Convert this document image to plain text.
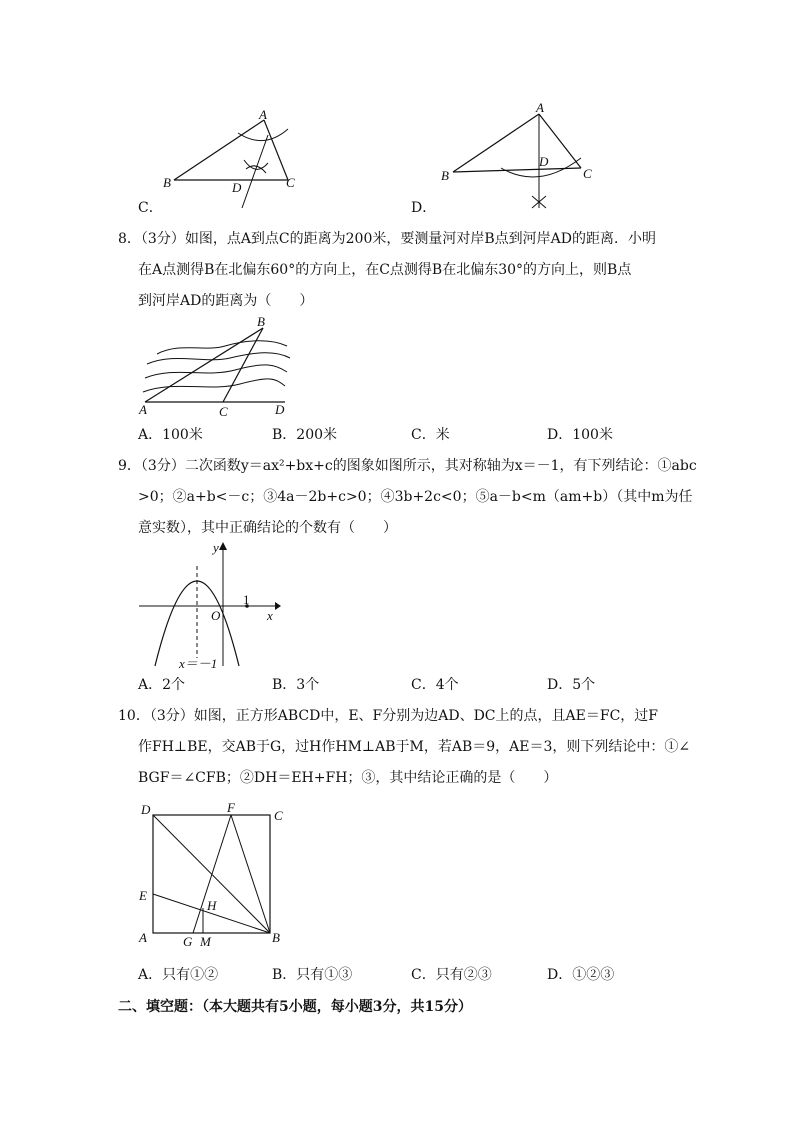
A
B	C
D
C．
A
B	C
D
D．
8．（3分）如图，点A到点C的距离为200米，要测量河对岸B点到河岸AD的距离．小明
在A点测得B在北偏东60°的方向上，在C点测得B在北偏东30°的方向上，则B点
到河岸AD的距离为（　　）
B
A	C	D
A．100米	B．200米	C．米	D．100米
9．（3分）二次函数y＝ax²+bx+c的图象如图所示，其对称轴为x＝－1，有下列结论：①abc
>0；②a+b<－c；③4a－2b+c>0；④3b+2c<0；⑤a－b<m（am+b）（其中m为任
意实数），其中正确结论的个数有（　　）
y
x
O
1
x＝－1
A．2个	B．3个	C．4个	D．5个
10．（3分）如图，正方形ABCD中，E、F分别为边AD、DC上的点，且AE＝FC，过F
作FH⊥BE，交AB于G，过H作HM⊥AB于M，若AB＝9，AE＝3，则下列结论中：①∠
BGF＝∠CFB；②DH＝EH+FH；③，其中结论正确的是（　　）
D	F
C
E
H
A	G M	B
A．只有①②	B．只有①③	C．只有②③	D．①②③
二、填空题：（本大题共有5小题，每小题3分，共15分）
